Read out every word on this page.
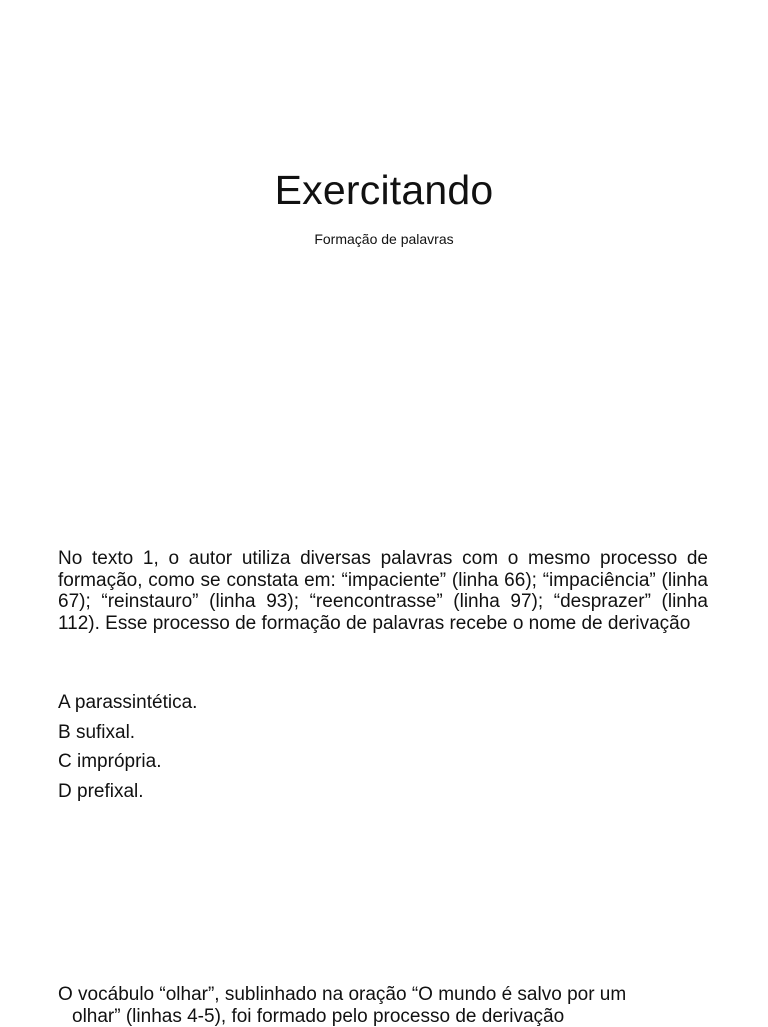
Exercitando
Formação de palavras
No texto 1, o autor utiliza diversas palavras com o mesmo processo de formação, como se constata em: “impaciente” (linha 66); “impaciência” (linha 67); “reinstauro” (linha 93); “reencontrasse” (linha 97); “desprazer” (linha 112). Esse processo de formação de palavras recebe o nome de derivação
A parassintética.
B sufixal.
C imprópria.
D prefixal.
O vocábulo “olhar”, sublinhado na oração “O mundo é salvo por um
olhar” (linhas 4-5), foi formado pelo processo de derivação
